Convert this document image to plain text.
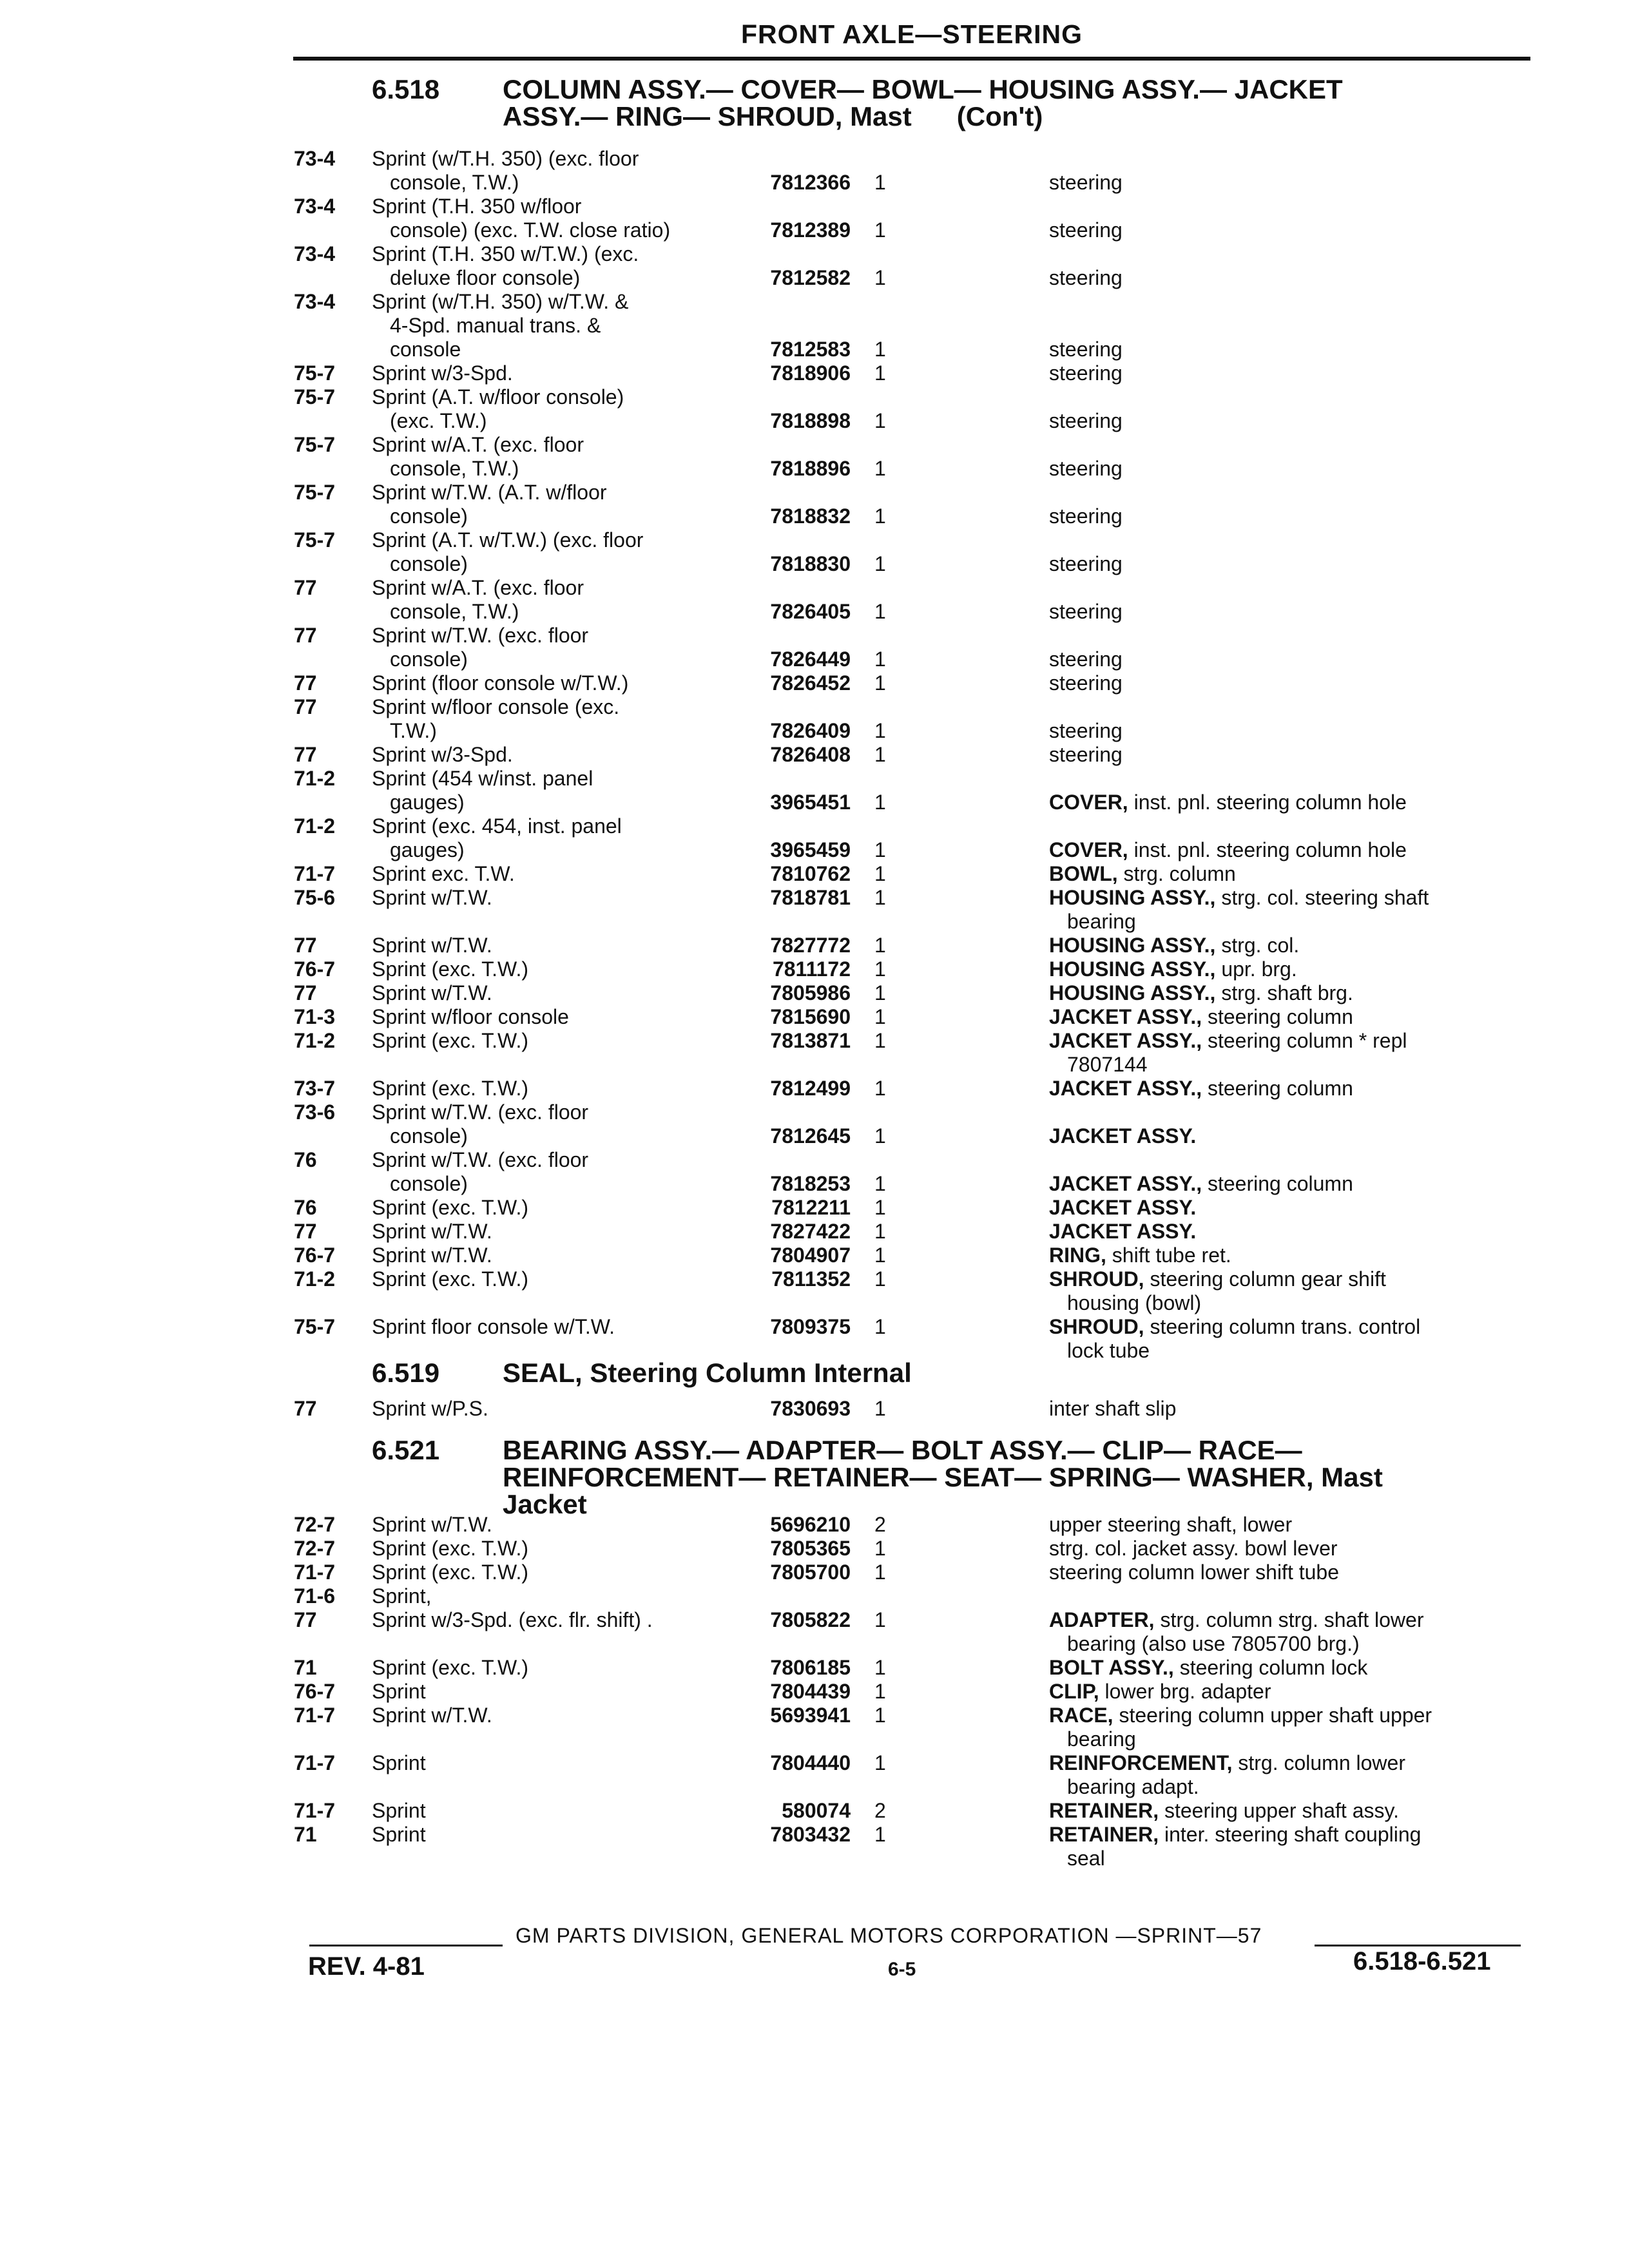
FRONT AXLE—STEERING
6.518 COLUMN ASSY.— COVER— BOWL— HOUSING ASSY.— JACKET
ASSY.— RING— SHROUD, Mast      (Con't)
73-4	Sprint (w/T.H. 350) (exc. floor
console, T.W.)	7812366 1	steering
73-4	Sprint (T.H. 350 w/floor
console) (exc. T.W. close ratio)	7812389 1	steering
73-4	Sprint (T.H. 350 w/T.W.) (exc.
deluxe floor console)	7812582 1	steering
73-4	Sprint (w/T.H. 350) w/T.W. &
4-Spd. manual trans. &
console	7812583 1	steering
75-7	Sprint w/3-Spd.	7818906 1	steering
75-7	Sprint (A.T. w/floor console)
(exc. T.W.)	7818898 1	steering
75-7	Sprint w/A.T. (exc. floor
console, T.W.)	7818896 1	steering
75-7	Sprint w/T.W. (A.T. w/floor
console)	7818832 1	steering
75-7	Sprint (A.T. w/T.W.) (exc. floor
console)	7818830 1	steering
77	Sprint w/A.T. (exc. floor
console, T.W.)	7826405 1	steering
77	Sprint w/T.W. (exc. floor
console)	7826449 1	steering
77	Sprint (floor console w/T.W.)	7826452 1	steering
77	Sprint w/floor console (exc.
T.W.)	7826409 1	steering
77	Sprint w/3-Spd.	7826408 1	steering
71-2	Sprint (454 w/inst. panel
gauges)	3965451 1	COVER, inst. pnl. steering column hole
71-2	Sprint (exc. 454, inst. panel
gauges)	3965459 1	COVER, inst. pnl. steering column hole
71-7	Sprint exc. T.W.	7810762 1	BOWL, strg. column
75-6	Sprint w/T.W.	7818781 1	HOUSING ASSY., strg. col. steering shaft
bearing
77	Sprint w/T.W.	7827772 1	HOUSING ASSY., strg. col.
76-7	Sprint (exc. T.W.)	7811172 1	HOUSING ASSY., upr. brg.
77	Sprint w/T.W.	7805986 1	HOUSING ASSY., strg. shaft brg.
71-3	Sprint w/floor console	7815690 1	JACKET ASSY., steering column
71-2	Sprint (exc. T.W.)	7813871 1	JACKET ASSY., steering column * repl
7807144
73-7	Sprint (exc. T.W.)	7812499 1	JACKET ASSY., steering column
73-6	Sprint w/T.W. (exc. floor
console)	7812645 1	JACKET ASSY.
76	Sprint w/T.W. (exc. floor
console)	7818253 1	JACKET ASSY., steering column
76	Sprint (exc. T.W.)	7812211 1	JACKET ASSY.
77	Sprint w/T.W.	7827422 1	JACKET ASSY.
76-7	Sprint w/T.W.	7804907 1	RING, shift tube ret.
71-2	Sprint (exc. T.W.)	7811352 1	SHROUD, steering column gear shift
housing (bowl)
75-7	Sprint floor console w/T.W.	7809375 1	SHROUD, steering column trans. control
lock tube
6.519 SEAL, Steering Column Internal
77	Sprint w/P.S.	7830693 1	inter shaft slip
6.521 BEARING ASSY.— ADAPTER— BOLT ASSY.— CLIP— RACE—
REINFORCEMENT— RETAINER— SEAT— SPRING— WASHER, Mast
Jacket
72-7	Sprint w/T.W.	5696210 2	upper steering shaft, lower
72-7	Sprint (exc. T.W.)	7805365 1	strg. col. jacket assy. bowl lever
71-7	Sprint (exc. T.W.)	7805700 1	steering column lower shift tube
71-6	Sprint,
77	Sprint w/3-Spd. (exc. flr. shift) .	7805822 1	ADAPTER, strg. column strg. shaft lower
bearing (also use 7805700 brg.)
71	Sprint (exc. T.W.)	7806185 1	BOLT ASSY., steering column lock
76-7	Sprint	7804439 1	CLIP, lower brg. adapter
71-7	Sprint w/T.W.	5693941 1	RACE, steering column upper shaft upper
bearing
71-7	Sprint	7804440 1	REINFORCEMENT, strg. column lower
bearing adapt.
71-7	Sprint	580074 2	RETAINER, steering upper shaft assy.
71	Sprint	7803432 1	RETAINER, inter. steering shaft coupling
seal
GM PARTS DIVISION, GENERAL MOTORS CORPORATION —SPRINT—57
REV. 4-81	6-5	6.518-6.521
